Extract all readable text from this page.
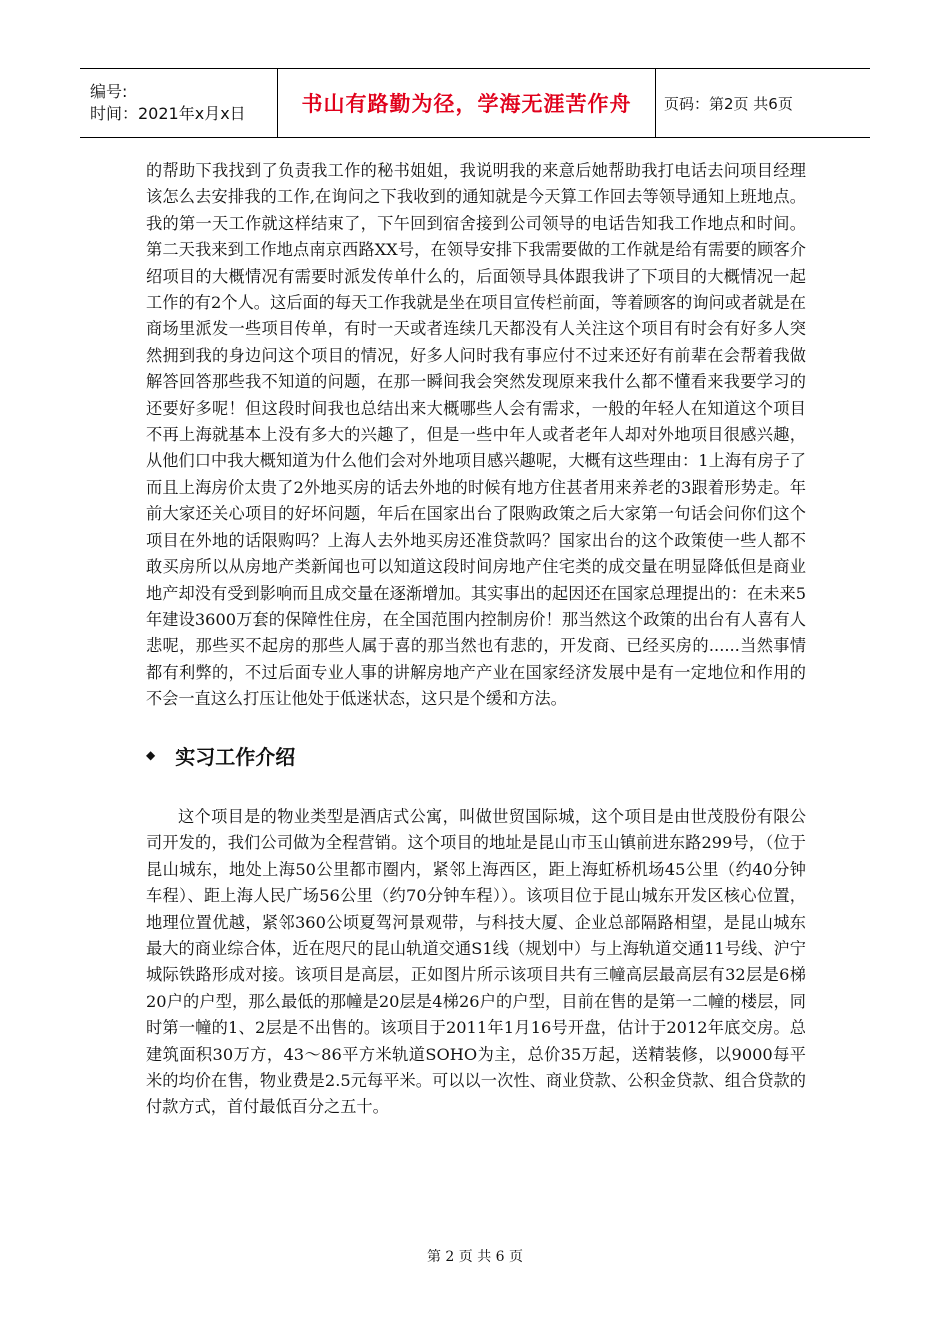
编号:
时间：2021年x月x日	书山有路勤为径，学海无涯苦作舟	页码：第2页 共6页
的帮助下我找到了负责我工作的秘书姐姐，我说明我的来意后她帮助我打电话去问项目经理该怎么去安排我的工作,在询问之下我收到的通知就是今天算工作回去等领导通知上班地点。我的第一天工作就这样结束了，下午回到宿舍接到公司领导的电话告知我工作地点和时间。第二天我来到工作地点南京西路XX号，在领导安排下我需要做的工作就是给有需要的顾客介绍项目的大概情况有需要时派发传单什么的，后面领导具体跟我讲了下项目的大概情况一起工作的有2个人。这后面的每天工作我就是坐在项目宣传栏前面，等着顾客的询问或者就是在商场里派发一些项目传单，有时一天或者连续几天都没有人关注这个项目有时会有好多人突然拥到我的身边问这个项目的情况，好多人问时我有事应付不过来还好有前辈在会帮着我做解答回答那些我不知道的问题，在那一瞬间我会突然发现原来我什么都不懂看来我要学习的还要好多呢！但这段时间我也总结出来大概哪些人会有需求，一般的年轻人在知道这个项目不再上海就基本上没有多大的兴趣了，但是一些中年人或者老年人却对外地项目很感兴趣，从他们口中我大概知道为什么他们会对外地项目感兴趣呢，大概有这些理由：1上海有房子了而且上海房价太贵了2外地买房的话去外地的时候有地方住甚者用来养老的3跟着形势走。年前大家还关心项目的好坏问题，年后在国家出台了限购政策之后大家第一句话会问你们这个项目在外地的话限购吗？上海人去外地买房还准贷款吗？国家出台的这个政策使一些人都不敢买房所以从房地产类新闻也可以知道这段时间房地产住宅类的成交量在明显降低但是商业地产却没有受到影响而且成交量在逐渐增加。其实事出的起因还在国家总理提出的：在未来5年建设3600万套的保障性住房，在全国范围内控制房价！那当然这个政策的出台有人喜有人悲呢，那些买不起房的那些人属于喜的那当然也有悲的，开发商、已经买房的......当然事情都有利弊的，不过后面专业人事的讲解房地产产业在国家经济发展中是有一定地位和作用的不会一直这么打压让他处于低迷状态，这只是个缓和方法。
◆ 实习工作介绍
这个项目是的物业类型是酒店式公寓，叫做世贸国际城，这个项目是由世茂股份有限公司开发的，我们公司做为全程营销。这个项目的地址是昆山市玉山镇前进东路299号，（位于昆山城东，地处上海50公里都市圈内，紧邻上海西区，距上海虹桥机场45公里（约40分钟车程）、距上海人民广场56公里（约70分钟车程））。该项目位于昆山城东开发区核心位置，地理位置优越，紧邻360公顷夏驾河景观带，与科技大厦、企业总部隔路相望，是昆山城东最大的商业综合体，近在咫尺的昆山轨道交通S1线（规划中）与上海轨道交通11号线、沪宁城际铁路形成对接。该项目是高层，正如图片所示该项目共有三幢高层最高层有32层是6梯20户的户型，那么最低的那幢是20层是4梯26户的户型，目前在售的是第一二幢的楼层，同时第一幢的1、2层是不出售的。该项目于2011年1月16号开盘，估计于2012年底交房。总建筑面积30万方，43～86平方米轨道SOHO为主，总价35万起，送精装修，以9000每平米的均价在售，物业费是2.5元每平米。可以以一次性、商业贷款、公积金贷款、组合贷款的付款方式，首付最低百分之五十。
第 2 页 共 6 页
